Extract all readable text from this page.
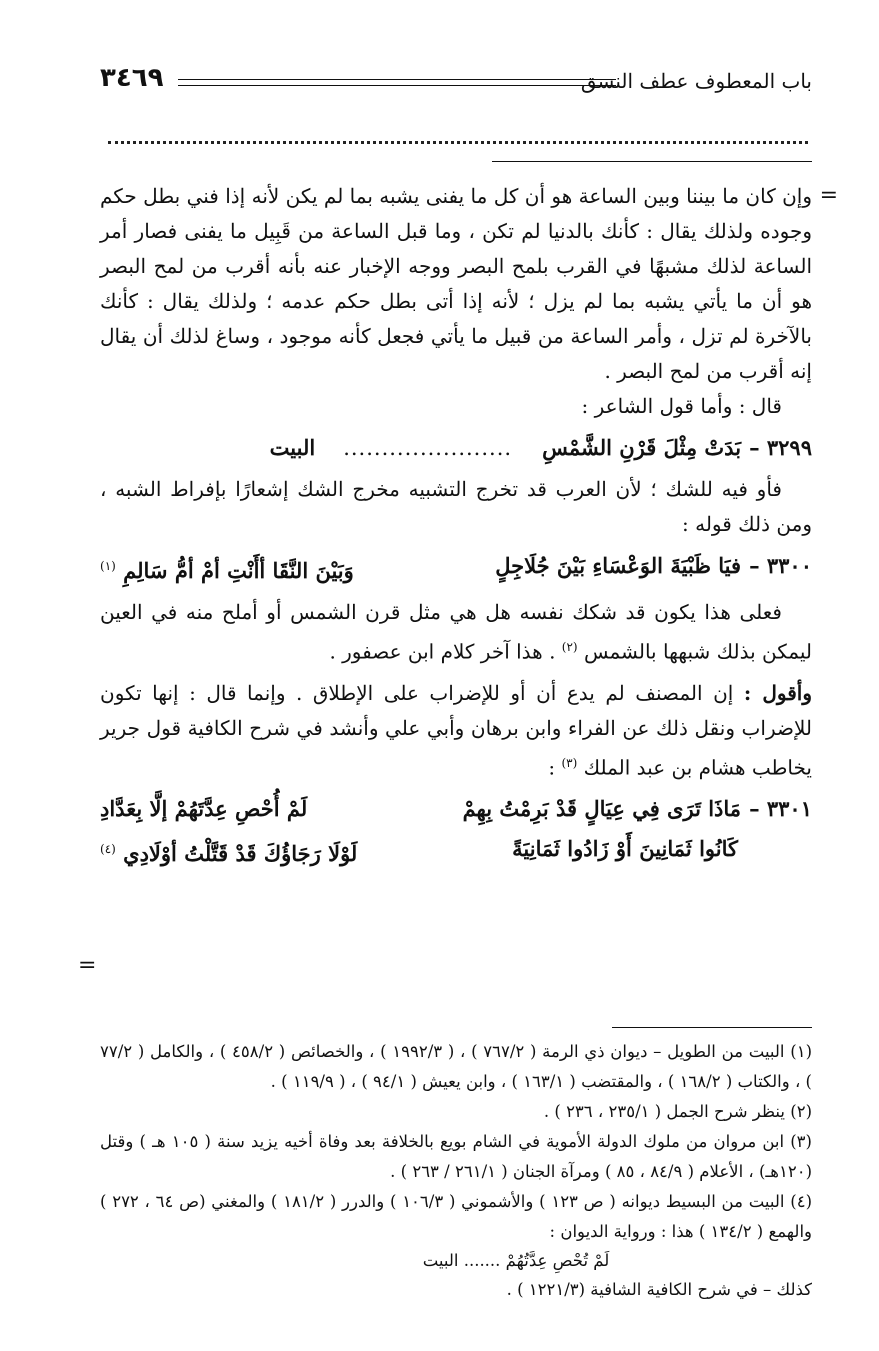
باب المعطوف عطف النسق
٣٤٦٩
=

وإن كان ما بيننا وبين الساعة هو أن كل ما يفنى يشبه بما لم يكن لأنه إذا فني بطل حكم وجوده ولذلك يقال : كأنك بالدنيا لم تكن ، وما قبل الساعة من قَبِيل ما يفنى فصار أمر الساعة لذلك مشبهًا في القرب بلمح البصر ووجه الإخبار عنه بأنه أقرب من لمح البصر هو أن ما يأتي يشبه بما لم يزل ؛ لأنه إذا أتى بطل حكم عدمه ؛ ولذلك يقال : كأنك بالآخرة لم تزل ، وأمر الساعة من قبيل ما يأتي فجعل كأنه موجود ، وساغ لذلك أن يقال إنه أقرب من لمح البصر .

قال : وأما قول الشاعر :

٣٢٩٩ –
بَدَتْ مِثْلَ قَرْنِ الشَّمْسِ
......................
البيت

فأو فيه للشك ؛ لأن العرب قد تخرج التشبيه مخرج الشك إشعارًا بإفراط الشبه ، ومن ذلك قوله :

٣٣٠٠ –
فيَا ظَبْيَةَ الوَعْسَاءِ بَيْنَ جُلَاجِلٍ
وَبَيْنَ النَّقَا أأَنْتِ أمْ أمُّ سَالِمِ $^{(١)}$

فعلى هذا يكون قد شكك نفسه هل هي مثل قرن الشمس أو أملح منه في العين ليمكن بذلك شبهها بالشمس $^{(٢)}$ . هذا آخر كلام ابن عصفور .

وأقول : إن المصنف لم يدع أن أو للإضراب على الإطلاق . وإنما قال : إنها تكون للإضراب ونقل ذلك عن الفراء وابن برهان وأبي علي وأنشد في شرح الكافية قول جرير يخاطب هشام بن عبد الملك $^{(٣)}$ :

٣٣٠١ –
مَاذَا تَرَى فِي عِيَالٍ قَدْ بَرِمْتُ بِهِمْ
لَمْ أُحْصِ عِدَّتَهُمْ إلَّا بِعَدَّادِ
كَانُوا ثَمَانِينَ أَوْ زَادُوا ثَمَانِيَةً
لَوْلَا رَجَاؤُكَ قَدْ قَتَّلْتُ أوْلَادِي $^{(٤)}$
=

(١) البيت من الطويل – ديوان ذي الرمة ( ٧٦٧/٢ ) ، ( ١٩٩٢/٣ ) ، والخصائص ( ٤٥٨/٢ ) ، والكامل ( ٧٧/٢ ) ، والكتاب ( ١٦٨/٢ ) ، والمقتضب ( ١٦٣/١ ) ، وابن يعيش ( ٩٤/١ ) ، ( ١١٩/٩ ) .

(٢) ينظر شرح الجمل ( ٢٣٥/١ ، ٢٣٦ ) .

(٣) ابن مروان من ملوك الدولة الأموية في الشام بويع بالخلافة بعد وفاة أخيه يزيد سنة ( ١٠٥ هـ ) وقتل (١٢٠هـ) ، الأعلام ( ٨٤/٩ ، ٨٥ ) ومرآة الجنان ( ٢٦١/١ / ٢٦٣ ) .

(٤) البيت من البسيط ديوانه ( ص ١٢٣ ) والأشموني ( ١٠٦/٣ ) والدرر ( ١٨١/٢ ) والمغني (ص ٦٤ ، ٢٧٢ ) والهمع ( ١٣٤/٢ ) هذا : ورواية الديوان :

لَمْ تُحْصِ عِدَّتُهُمْ ....... البيت

كذلك – في شرح الكافية الشافية (١٢٢١/٣ ) .
